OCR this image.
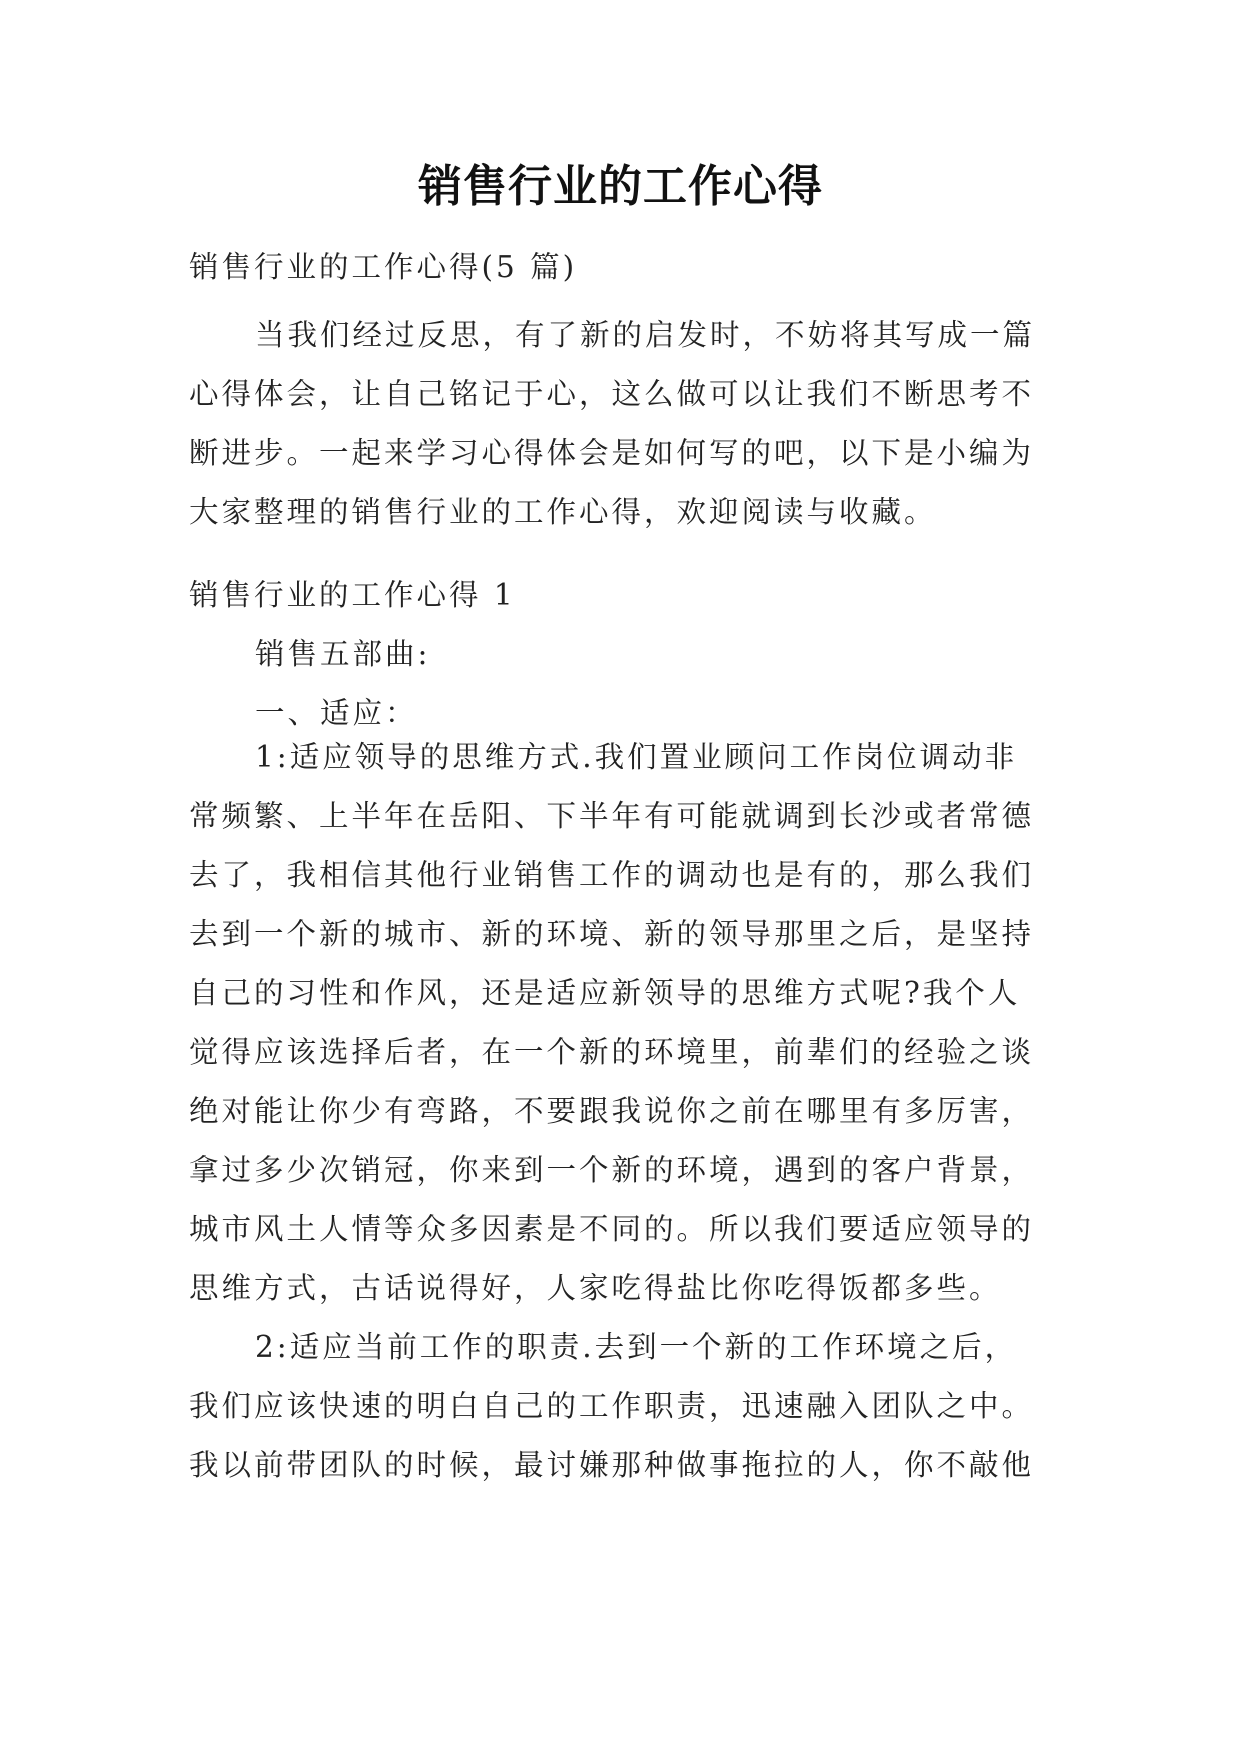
销售行业的工作心得
销售行业的工作心得(5 篇)
当我们经过反思，有了新的启发时，不妨将其写成一篇
心得体会，让自己铭记于心，这么做可以让我们不断思考不
断进步。一起来学习心得体会是如何写的吧，以下是小编为
大家整理的销售行业的工作心得，欢迎阅读与收藏。
销售行业的工作心得 1
销售五部曲:
一、适应：
1:适应领导的思维方式.我们置业顾问工作岗位调动非
常频繁、上半年在岳阳、下半年有可能就调到长沙或者常德
去了，我相信其他行业销售工作的调动也是有的，那么我们
去到一个新的城市、新的环境、新的领导那里之后，是坚持
自己的习性和作风，还是适应新领导的思维方式呢?我个人
觉得应该选择后者，在一个新的环境里，前辈们的经验之谈
绝对能让你少有弯路，不要跟我说你之前在哪里有多厉害，
拿过多少次销冠，你来到一个新的环境，遇到的客户背景，
城市风土人情等众多因素是不同的。所以我们要适应领导的
思维方式，古话说得好，人家吃得盐比你吃得饭都多些。
2:适应当前工作的职责.去到一个新的工作环境之后，
我们应该快速的明白自己的工作职责，迅速融入团队之中。
我以前带团队的时候，最讨嫌那种做事拖拉的人，你不敲他
